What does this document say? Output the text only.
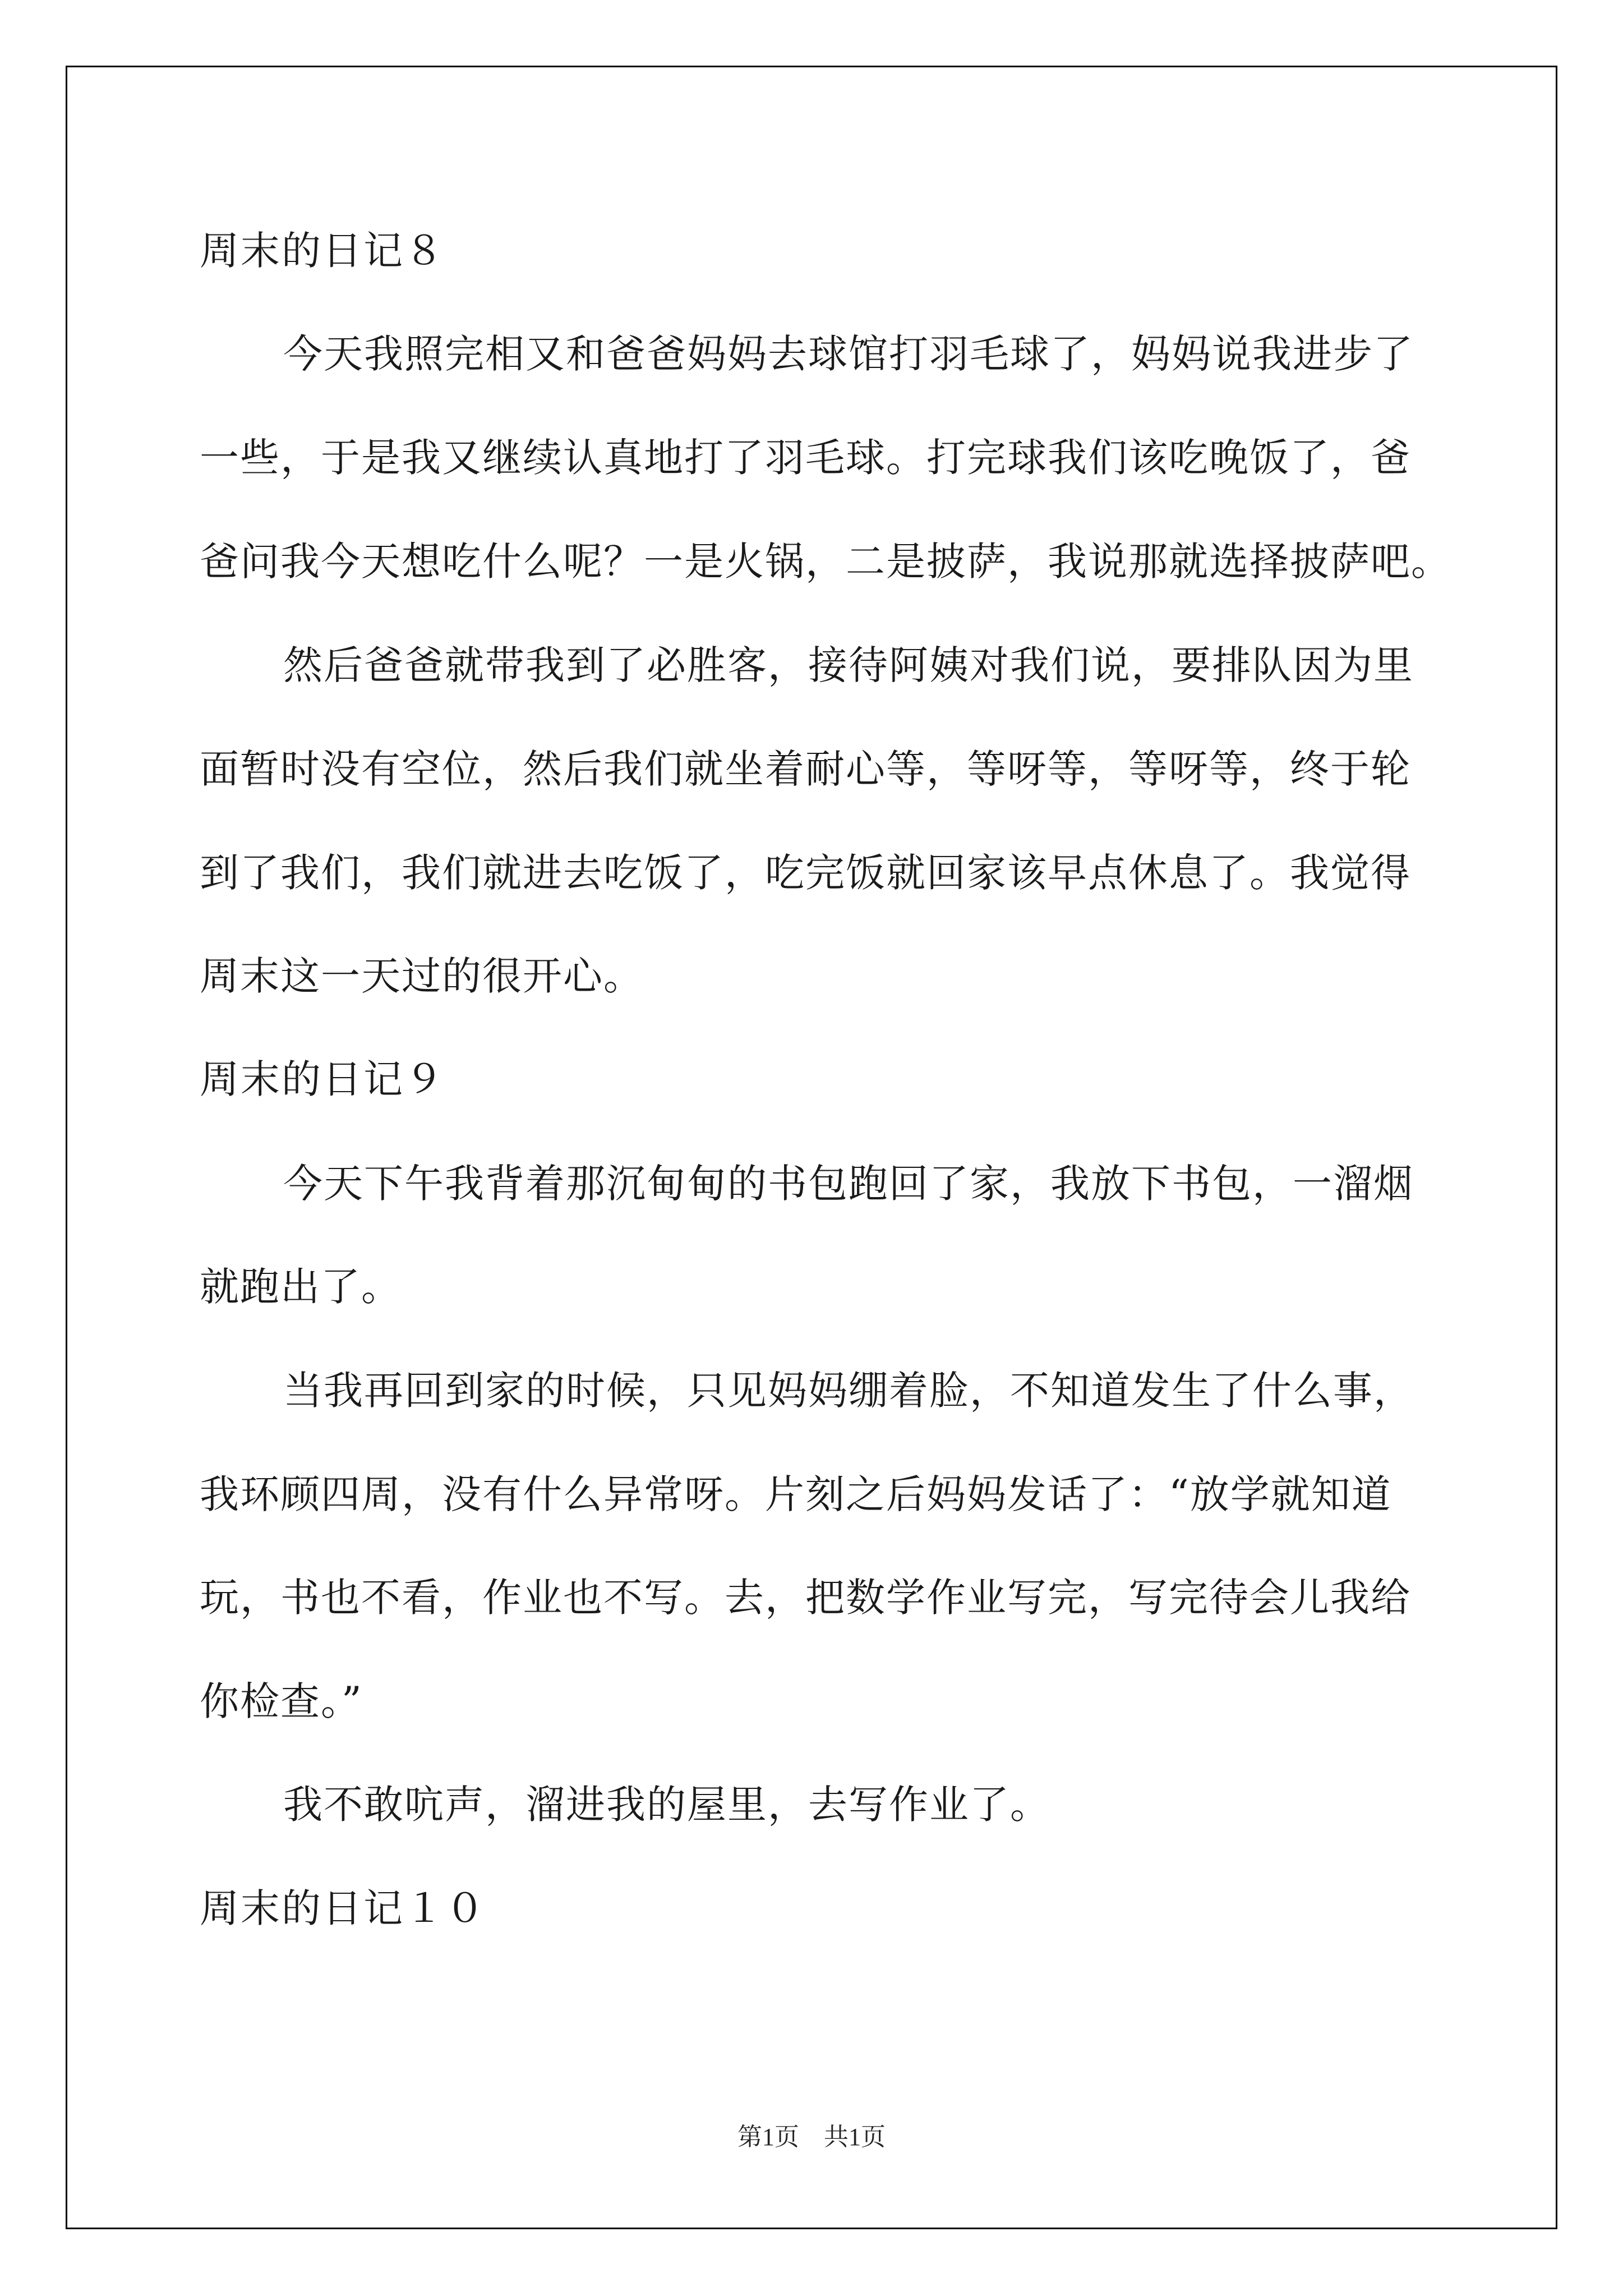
周末的日记８
今天我照完相又和爸爸妈妈去球馆打羽毛球了，妈妈说我进步了
一些，于是我又继续认真地打了羽毛球。打完球我们该吃晚饭了，爸
爸问我今天想吃什么呢？一是火锅，二是披萨，我说那就选择披萨吧。
然后爸爸就带我到了必胜客，接待阿姨对我们说，要排队因为里
面暂时没有空位，然后我们就坐着耐心等，等呀等，等呀等，终于轮
到了我们，我们就进去吃饭了，吃完饭就回家该早点休息了。我觉得
周末这一天过的很开心。
周末的日记９
今天下午我背着那沉甸甸的书包跑回了家，我放下书包，一溜烟
就跑出了。
当我再回到家的时候，只见妈妈绷着脸，不知道发生了什么事，
我环顾四周，没有什么异常呀。片刻之后妈妈发话了：“放学就知道
玩，书也不看，作业也不写。去，把数学作业写完，写完待会儿我给
你检查。”
我不敢吭声，溜进我的屋里，去写作业了。
周末的日记１０
第1页　共1页
